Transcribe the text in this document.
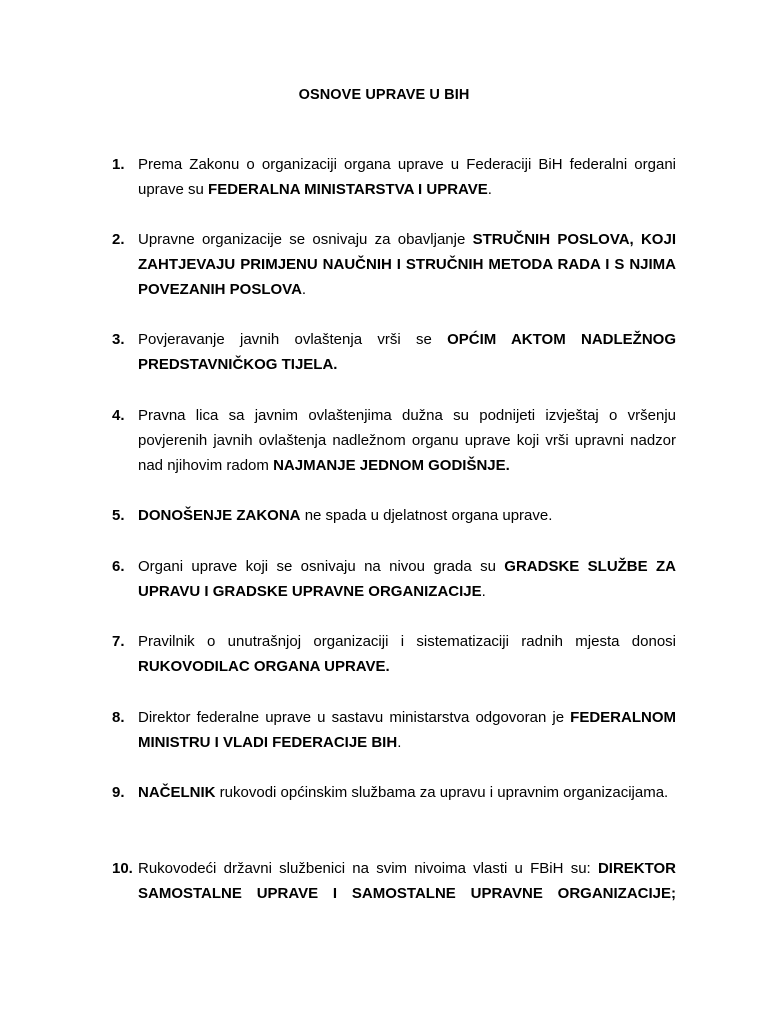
OSNOVE UPRAVE U BIH
1. Prema Zakonu o organizaciji organa uprave u Federaciji BiH federalni organi uprave su FEDERALNA MINISTARSTVA I UPRAVE.
2. Upravne organizacije se osnivaju za obavljanje STRUČNIH POSLOVA, KOJI ZAHTJEVAJU PRIMJENU NAUČNIH I STRUČNIH METODA RADA I S NJIMA POVEZANIH POSLOVA.
3. Povjeravanje javnih ovlaštenja vrši se OPĆIM AKTOM NADLEŽNOG PREDSTAVNIČKOG TIJELA.
4. Pravna lica sa javnim ovlaštenjima dužna su podnijeti izvještaj o vršenju povjerenih javnih ovlaštenja nadležnom organu uprave koji vrši upravni nadzor nad njihovim radom NAJMANJE JEDNOM GODIŠNJE.
5. DONOŠENJE ZAKONA ne spada u djelatnost organa uprave.
6. Organi uprave koji se osnivaju na nivou grada su GRADSKE SLUŽBE ZA UPRAVU I GRADSKE UPRAVNE ORGANIZACIJE.
7. Pravilnik o unutrašnjoj organizaciji i sistematizaciji radnih mjesta donosi RUKOVODILAC ORGANA UPRAVE.
8. Direktor federalne uprave u sastavu ministarstva odgovoran je FEDERALNOM MINISTRU I VLADI FEDERACIJE BIH.
9. NAČELNIK rukovodi općinskim službama za upravu i upravnim organizacijama.
10. Rukovodeći državni službenici na svim nivoima vlasti u FBiH su: DIREKTOR SAMOSTALNE UPRAVE I SAMOSTALNE UPRAVNE ORGANIZACIJE;
